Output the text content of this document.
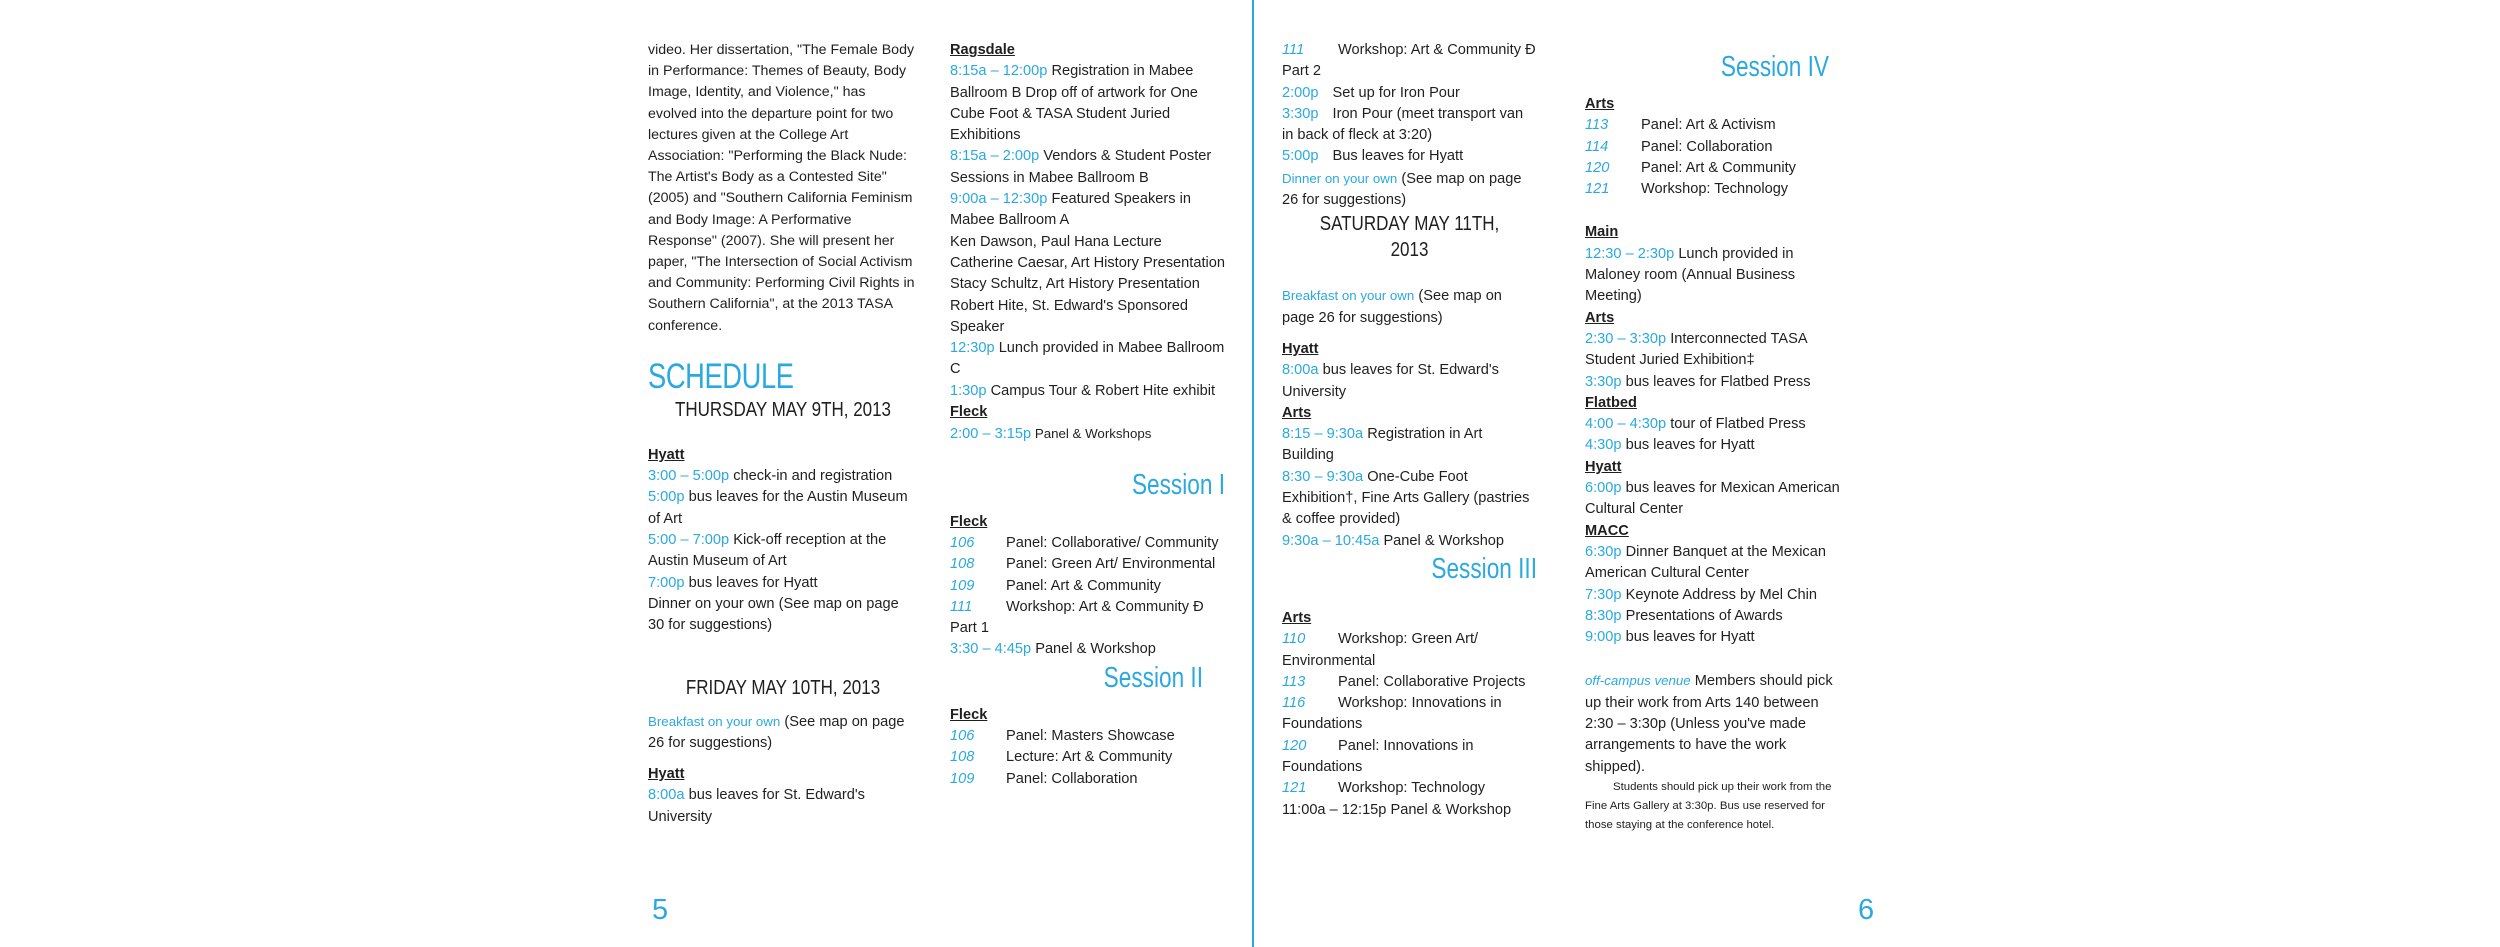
video. Her dissertation, "The Female Body in Performance: Themes of Beauty, Body Image, Identity, and Violence," has evolved into the departure point for two lectures given at the College Art Association: "Performing the Black Nude: The Artist's Body as a Contested Site" (2005) and "Southern California Feminism and Body Image: A Performative Response" (2007). She will present her paper, "The Intersection of Social Activism and Community: Performing Civil Rights in Southern California", at the 2013 TASA conference.

SCHEDULE
THURSDAY MAY 9TH, 2013
Hyatt
3:00 – 5:00p check-in and registration
5:00p bus leaves for the Austin Museum of Art
5:00 – 7:00p Kick-off reception at the Austin Museum of Art
7:00p bus leaves for Hyatt
Dinner on your own (See map on page 30 for suggestions)
FRIDAY MAY 10TH, 2013
Breakfast on your own (See map on page 26 for suggestions)
Hyatt
8:00a bus leaves for St. Edward's University
Ragsdale
8:15a – 12:00p Registration in Mabee Ballroom B Drop off of artwork for One Cube Foot & TASA Student Juried Exhibitions
8:15a – 2:00p Vendors & Student Poster Sessions in Mabee Ballroom B
9:00a – 12:30p Featured Speakers in Mabee Ballroom A
Ken Dawson, Paul Hana Lecture
Catherine Caesar, Art History Presentation
Stacy Schultz, Art History Presentation
Robert Hite, St. Edward's Sponsored Speaker
12:30p Lunch provided in Mabee Ballroom C
1:30p Campus Tour & Robert Hite exhibit
Fleck
2:00 – 3:15p Panel & Workshops
Session I
Fleck
106 Panel: Collaborative/ Community
108 Panel: Green Art/ Environmental
109 Panel: Art & Community
111 Workshop: Art & Community Ð Part 1
3:30 – 4:45p Panel & Workshop
Session II
Fleck
106 Panel: Masters Showcase
108 Lecture: Art & Community
109 Panel: Collaboration
111 Workshop: Art & Community Ð Part 2
2:00p Set up for Iron Pour
3:30p Iron Pour (meet transport van in back of fleck at 3:20)
5:00p Bus leaves for Hyatt
Dinner on your own (See map on page 26 for suggestions)
SATURDAY MAY 11TH, 2013
Breakfast on your own (See map on page 26 for suggestions)
Hyatt
8:00a bus leaves for St. Edward's University
Arts
8:15 – 9:30a Registration in Art Building
8:30 – 9:30a One-Cube Foot Exhibition†, Fine Arts Gallery (pastries & coffee provided)
9:30a – 10:45a Panel & Workshop
Session III
Arts
110 Workshop: Green Art/ Environmental
113 Panel: Collaborative Projects
116 Workshop: Innovations in Foundations
120 Panel: Innovations in Foundations
121 Workshop: Technology
11:00a – 12:15p Panel & Workshop
Session IV
Arts
113 Panel: Art & Activism
114 Panel: Collaboration
120 Panel: Art & Community
121 Workshop: Technology
Main
12:30 – 2:30p Lunch provided in Maloney room (Annual Business Meeting)
Arts
2:30 – 3:30p Interconnected TASA Student Juried Exhibition‡
3:30p bus leaves for Flatbed Press
Flatbed
4:00 – 4:30p tour of Flatbed Press
4:30p bus leaves for Hyatt
Hyatt
6:00p bus leaves for Mexican American Cultural Center
MACC
6:30p Dinner Banquet at the Mexican American Cultural Center
7:30p Keynote Address by Mel Chin
8:30p Presentations of Awards
9:00p bus leaves for Hyatt
off-campus venue Members should pick up their work from Arts 140 between 2:30 – 3:30p (Unless you've made arrangements to have the work shipped).
Students should pick up their work from the Fine Arts Gallery at 3:30p. Bus use reserved for those staying at the conference hotel.
5	6
